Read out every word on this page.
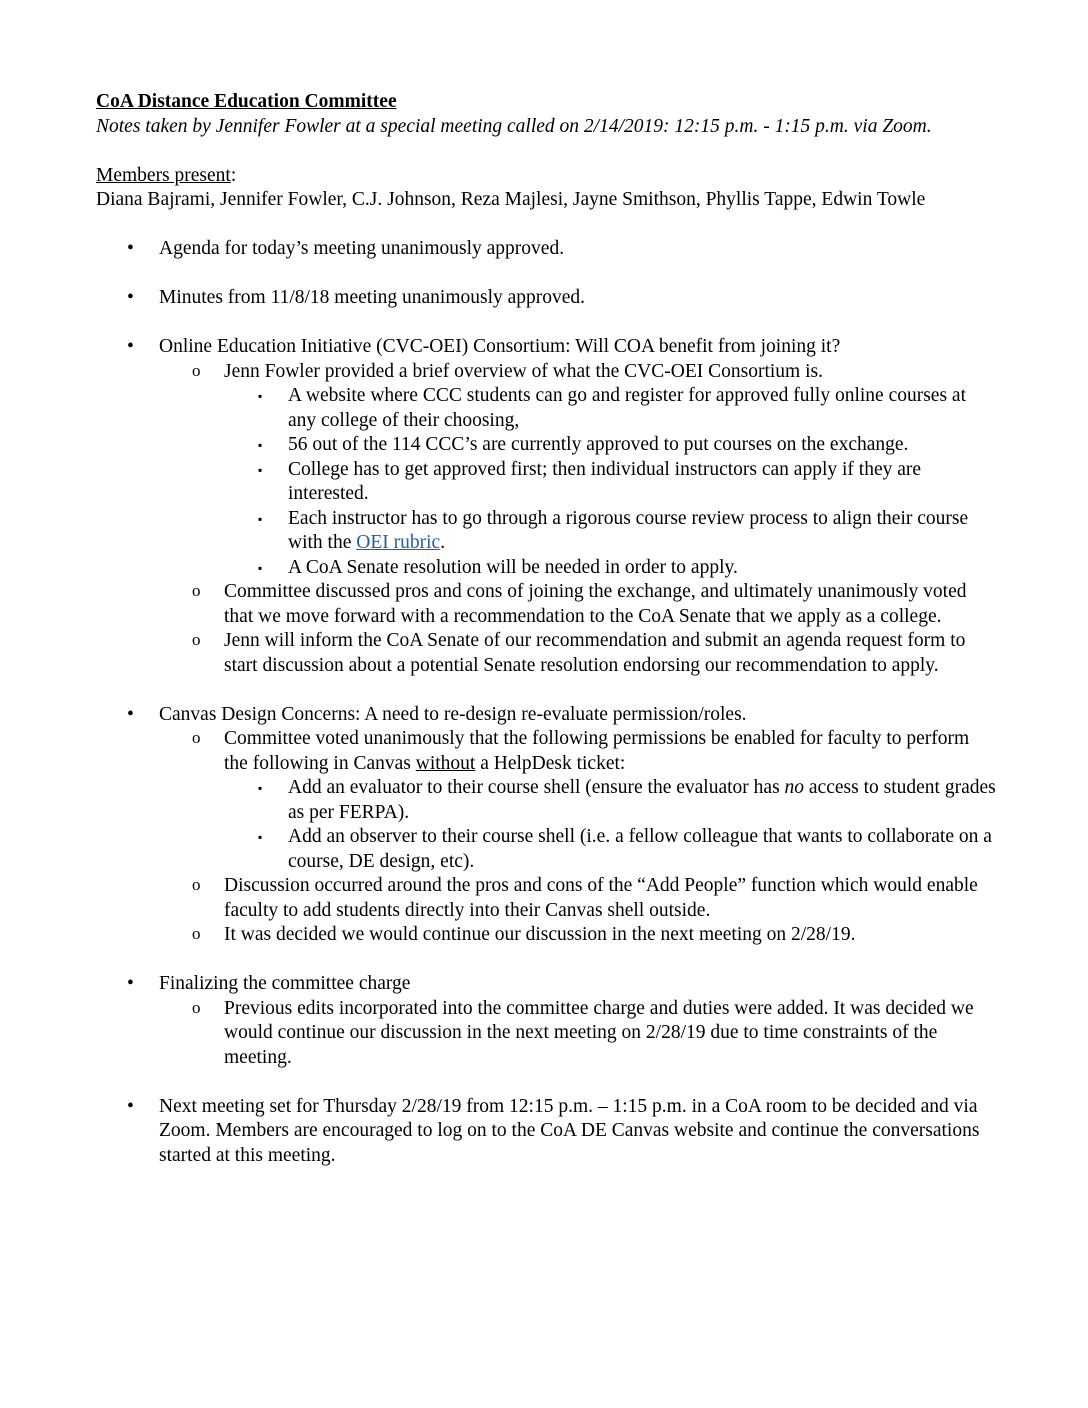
CoA Distance Education Committee
Notes taken by Jennifer Fowler at a special meeting called on 2/14/2019: 12:15 p.m. - 1:15 p.m. via Zoom.
Members present:
Diana Bajrami, Jennifer Fowler, C.J. Johnson, Reza Majlesi, Jayne Smithson, Phyllis Tappe, Edwin Towle
• Agenda for today’s meeting unanimously approved.
• Minutes from 11/8/18 meeting unanimously approved.
• Online Education Initiative (CVC-OEI) Consortium: Will COA benefit from joining it?
o Jenn Fowler provided a brief overview of what the CVC-OEI Consortium is.
▪ A website where CCC students can go and register for approved fully online courses at any college of their choosing,
▪ 56 out of the 114 CCC’s are currently approved to put courses on the exchange.
▪ College has to get approved first; then individual instructors can apply if they are interested.
▪ Each instructor has to go through a rigorous course review process to align their course with the OEI rubric.
▪ A CoA Senate resolution will be needed in order to apply.
o Committee discussed pros and cons of joining the exchange, and ultimately unanimously voted that we move forward with a recommendation to the CoA Senate that we apply as a college.
o Jenn will inform the CoA Senate of our recommendation and submit an agenda request form to start discussion about a potential Senate resolution endorsing our recommendation to apply.
• Canvas Design Concerns: A need to re-design re-evaluate permission/roles.
o Committee voted unanimously that the following permissions be enabled for faculty to perform the following in Canvas without a HelpDesk ticket:
▪ Add an evaluator to their course shell (ensure the evaluator has no access to student grades as per FERPA).
▪ Add an observer to their course shell (i.e. a fellow colleague that wants to collaborate on a course, DE design, etc).
o Discussion occurred around the pros and cons of the “Add People” function which would enable faculty to add students directly into their Canvas shell outside.
o It was decided we would continue our discussion in the next meeting on 2/28/19.
• Finalizing the committee charge
o Previous edits incorporated into the committee charge and duties were added. It was decided we would continue our discussion in the next meeting on 2/28/19 due to time constraints of the meeting.
• Next meeting set for Thursday 2/28/19 from 12:15 p.m. – 1:15 p.m. in a CoA room to be decided and via Zoom. Members are encouraged to log on to the CoA DE Canvas website and continue the conversations started at this meeting.
